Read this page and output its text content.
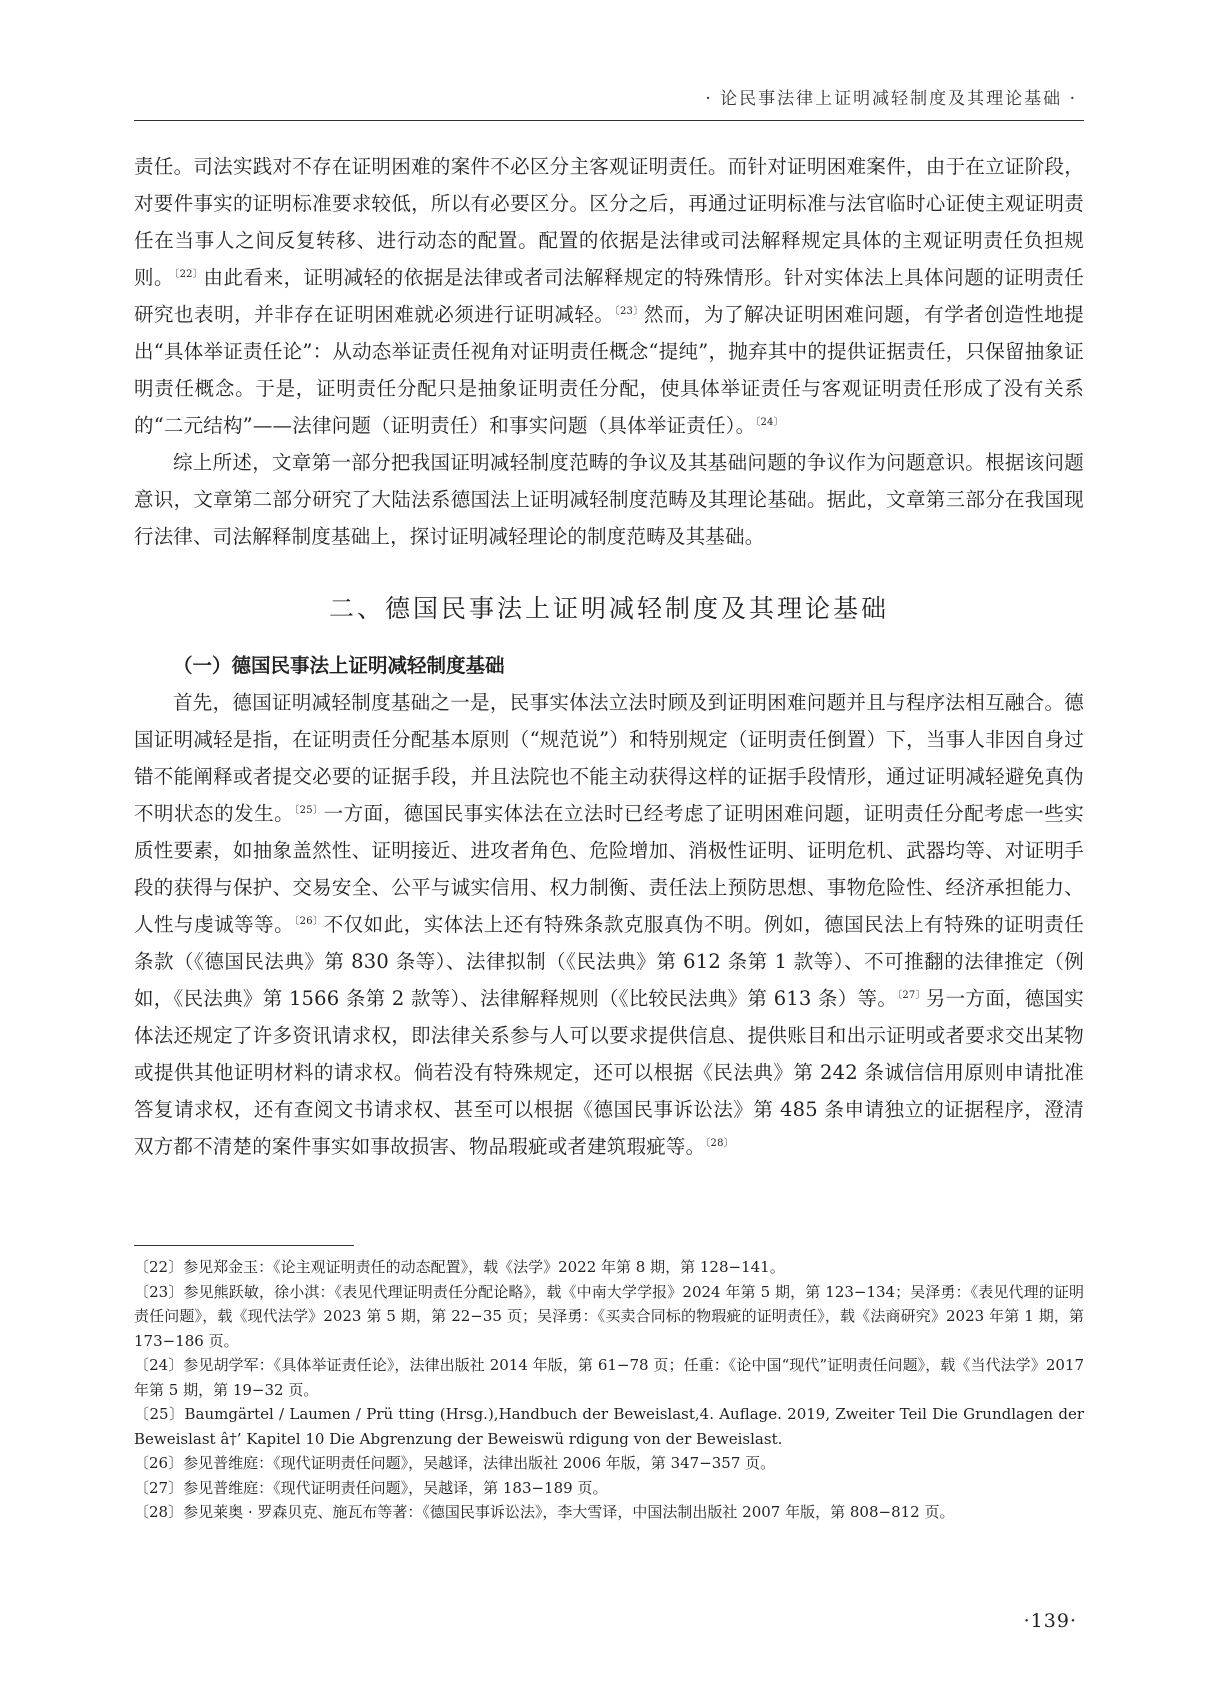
· 论民事法律上证明减轻制度及其理论基础 ·

责任。司法实践对不存在证明困难的案件不必区分主客观证明责任。而针对证明困难案件，由于在立证阶段，对要件事实的证明标准要求较低，所以有必要区分。区分之后，再通过证明标准与法官临时心证使主观证明责任在当事人之间反复转移、进行动态的配置。配置的依据是法律或司法解释规定具体的主观证明责任负担规则。$^{〔22〕}$由此看来，证明减轻的依据是法律或者司法解释规定的特殊情形。针对实体法上具体问题的证明责任研究也表明，并非存在证明困难就必须进行证明减轻。$^{〔23〕}$然而，为了解决证明困难问题，有学者创造性地提出“具体举证责任论”：从动态举证责任视角对证明责任概念“提纯”，抛弃其中的提供证据责任，只保留抽象证明责任概念。于是，证明责任分配只是抽象证明责任分配，使具体举证责任与客观证明责任形成了没有关系的“二元结构”——法律问题（证明责任）和事实问题（具体举证责任）。$^{〔24〕}$

综上所述，文章第一部分把我国证明减轻制度范畴的争议及其基础问题的争议作为问题意识。根据该问题意识，文章第二部分研究了大陆法系德国法上证明减轻制度范畴及其理论基础。据此，文章第三部分在我国现行法律、司法解释制度基础上，探讨证明减轻理论的制度范畴及其基础。

二、德国民事法上证明减轻制度及其理论基础
（一）德国民事法上证明减轻制度基础

首先，德国证明减轻制度基础之一是，民事实体法立法时顾及到证明困难问题并且与程序法相互融合。德国证明减轻是指，在证明责任分配基本原则（“规范说”）和特别规定（证明责任倒置）下，当事人非因自身过错不能阐释或者提交必要的证据手段，并且法院也不能主动获得这样的证据手段情形，通过证明减轻避免真伪不明状态的发生。$^{〔25〕}$一方面，德国民事实体法在立法时已经考虑了证明困难问题，证明责任分配考虑一些实质性要素，如抽象盖然性、证明接近、进攻者角色、危险增加、消极性证明、证明危机、武器均等、对证明手段的获得与保护、交易安全、公平与诚实信用、权力制衡、责任法上预防思想、事物危险性、经济承担能力、人性与虔诚等等。$^{〔26〕}$不仅如此，实体法上还有特殊条款克服真伪不明。例如，德国民法上有特殊的证明责任条款（《德国民法典》第 830 条等）、法律拟制（《民法典》第 612 条第 1 款等）、不可推翻的法律推定（例如，《民法典》第 1566 条第 2 款等）、法律解释规则（《比较民法典》第 613 条）等。$^{〔27〕}$另一方面，德国实体法还规定了许多资讯请求权，即法律关系参与人可以要求提供信息、提供账目和出示证明或者要求交出某物或提供其他证明材料的请求权。倘若没有特殊规定，还可以根据《民法典》第 242 条诚信信用原则申请批准答复请求权，还有查阅文书请求权、甚至可以根据《德国民事诉讼法》第 485 条申请独立的证据程序，澄清双方都不清楚的案件事实如事故损害、物品瑕疵或者建筑瑕疵等。$^{〔28〕}$

〔22〕参见郑金玉：《论主观证明责任的动态配置》，载《法学》2022 年第 8 期，第 128−141。

〔23〕参见熊跃敏，徐小淇：《表见代理证明责任分配论略》，载《中南大学学报》2024 年第 5 期，第 123−134；吴泽勇：《表见代理的证明责任问题》，载《现代法学》2023 第 5 期，第 22−35 页；吴泽勇：《买卖合同标的物瑕疵的证明责任》，载《法商研究》2023 年第 1 期，第 173−186 页。

〔24〕参见胡学军：《具体举证责任论》，法律出版社 2014 年版，第 61−78 页；任重：《论中国“现代”证明责任问题》，载《当代法学》2017 年第 5 期，第 19−32 页。

〔25〕Baumgärtel / Laumen / Prü tting (Hrsg.),Handbuch der Beweislast,4. Auflage. 2019, Zweiter Teil Die Grundlagen der Beweislast â†’ Kapitel 10 Die Abgrenzung der Beweiswü rdigung von der Beweislast.

〔26〕参见普维庭：《现代证明责任问题》，吴越译，法律出版社 2006 年版，第 347−357 页。

〔27〕参见普维庭：《现代证明责任问题》，吴越译，第 183−189 页。

〔28〕参见莱奥 · 罗森贝克、施瓦布等著：《德国民事诉讼法》，李大雪译，中国法制出版社 2007 年版，第 808−812 页。

·139·
